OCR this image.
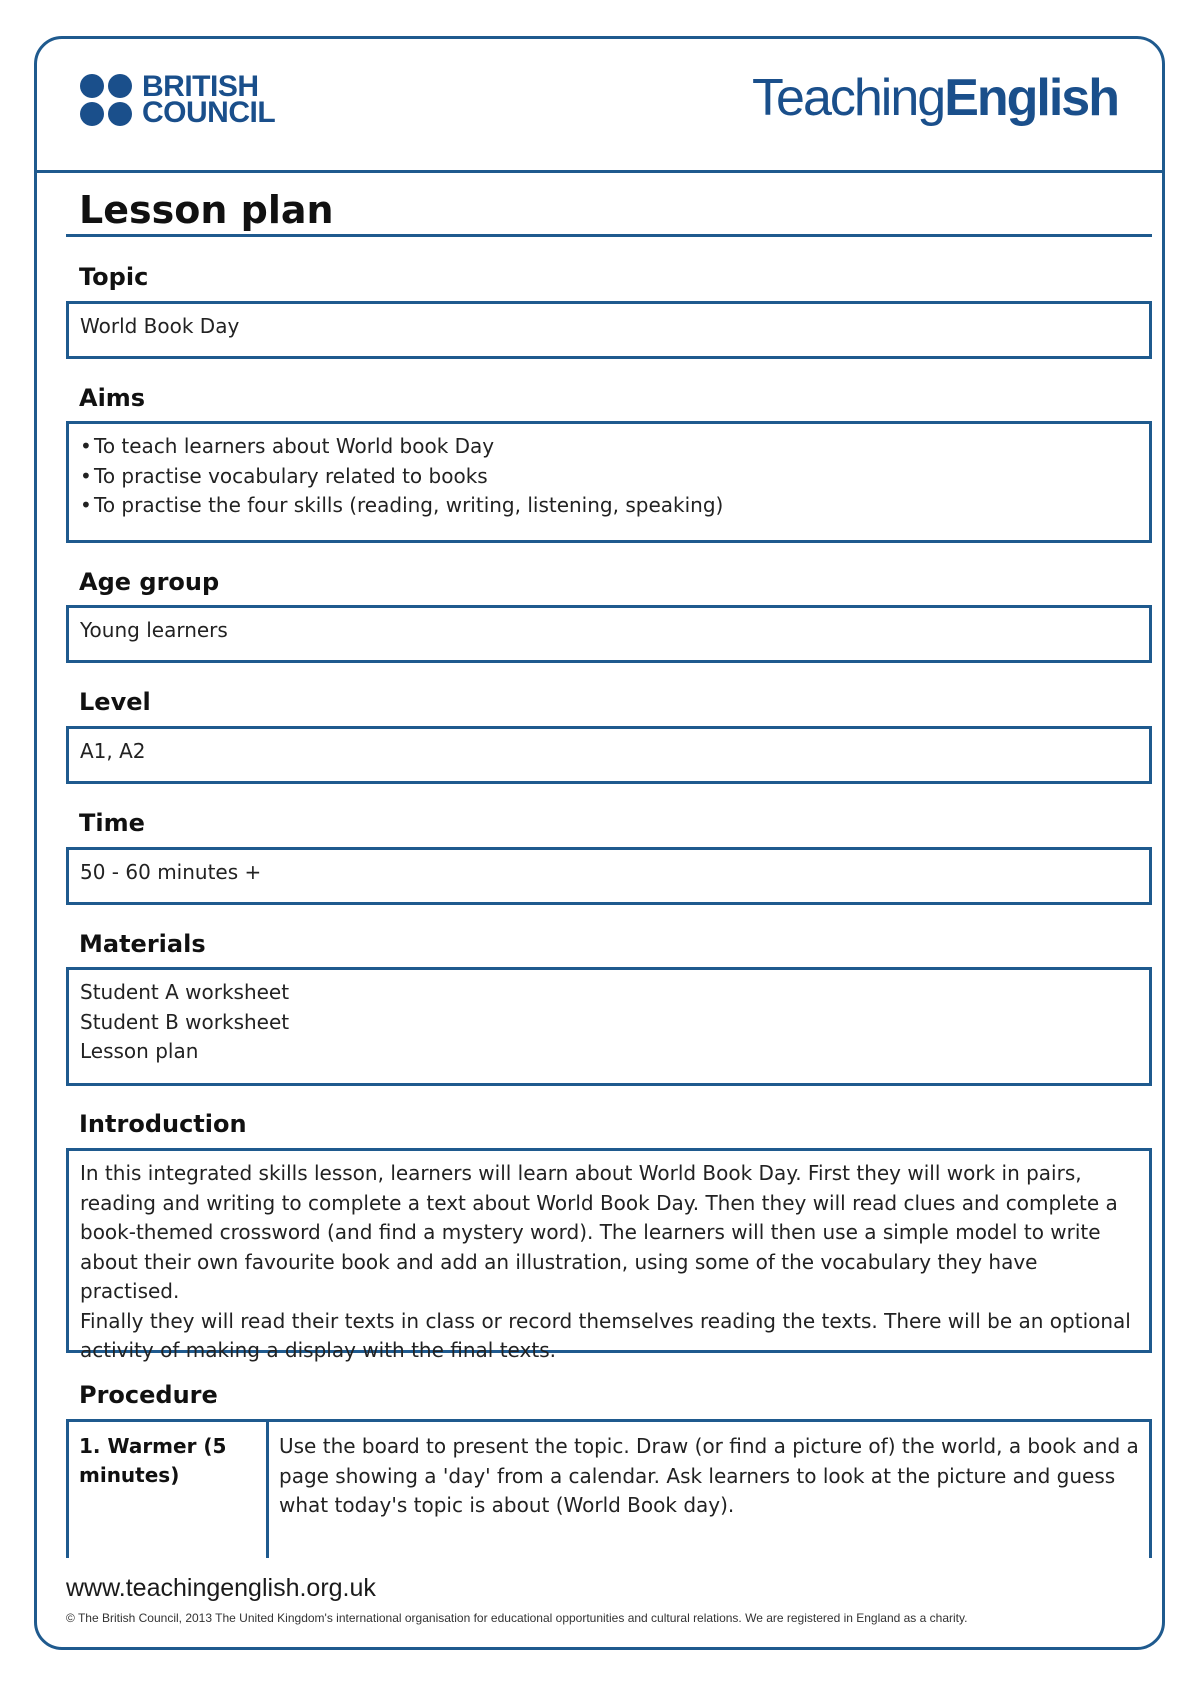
BRITISH
COUNCIL	TeachingEnglish
Lesson plan
Topic
World Book Day
Aims
• To teach learners about World book Day
• To practise vocabulary related to books
• To practise the four skills (reading, writing, listening, speaking)
Age group
Young learners
Level
A1, A2
Time
50 - 60 minutes +
Materials
Student A worksheet
Student B worksheet
Lesson plan
Introduction
In this integrated skills lesson, learners will learn about World Book Day. First they will work in pairs,
reading and writing to complete a text about World Book Day. Then they will read clues and complete a
book-themed crossword (and find a mystery word). The learners will then use a simple model to write
about their own favourite book and add an illustration, using some of the vocabulary they have practised.
Finally they will read their texts in class or record themselves reading the texts. There will be an optional
activity of making a display with the final texts.
Procedure
1. Warmer (5
minutes)
Use the board to present the topic. Draw (or find a picture of) the world, a book and a
page showing a 'day' from a calendar. Ask learners to look at the picture and guess
what today's topic is about (World Book day).
www.teachingenglish.org.uk
© The British Council, 2013 The United Kingdom's international organisation for educational opportunities and cultural relations. We are registered in England as a charity.
